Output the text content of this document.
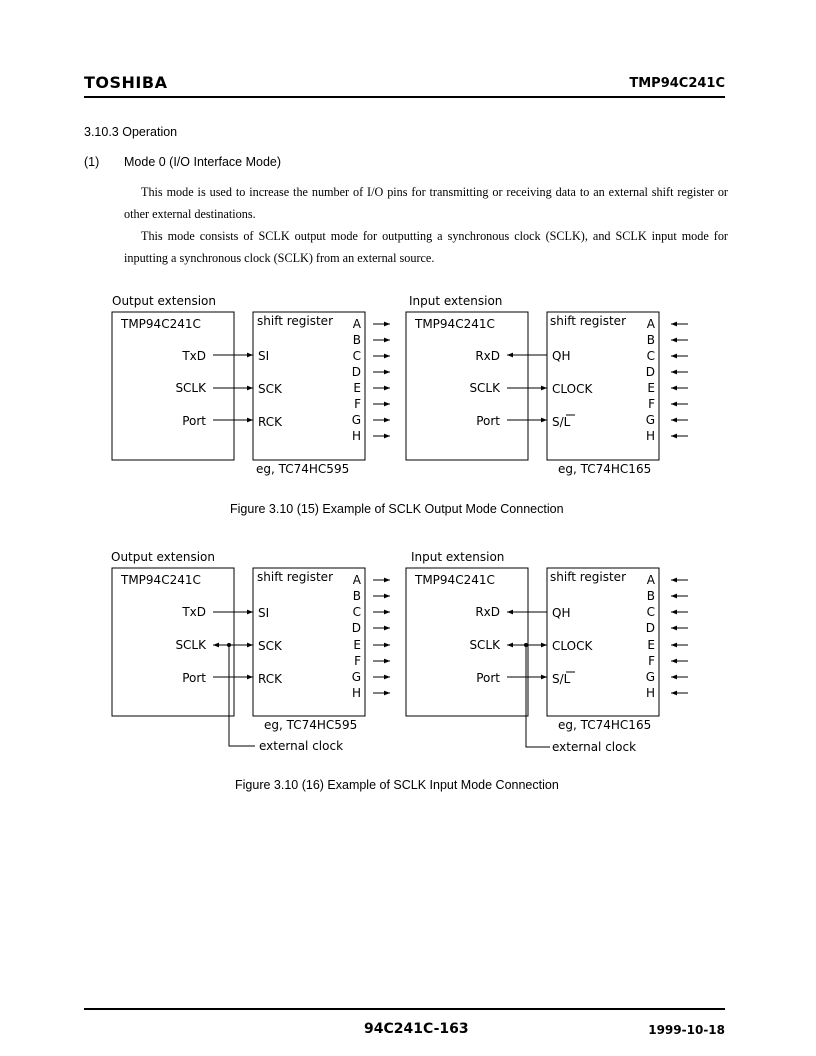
TOSHIBA	TMP94C241C
3.10.3 Operation
(1) Mode 0 (I/O Interface Mode)
This mode is used to increase the number of I/O pins for transmitting or receiving data to an external shift register or other external destinations.
This mode consists of SCLK output mode for outputting a synchronous clock (SCLK), and SCLK input mode for inputting a synchronous clock (SCLK) from an external source.
Output extension
TMP94C241C
TxD
SCLK
Port
shift register
SI
SCK
RCK
A
B
C
D
E
F
G
H
eg, TC74HC595
Input extension
TMP94C241C
RxD
SCLK
Port
shift register
QH
CLOCK
S/L
A
B
C
D
E
F
G
H
eg, TC74HC165
Figure 3.10 (15) Example of SCLK Output Mode Connection
Output extension
TMP94C241C
TxD
SCLK
Port
shift register
SI
SCK
RCK
A
B
C
D
E
F
G
H
eg, TC74HC595
external clock
Input extension
TMP94C241C
RxD
SCLK
Port
shift register
QH
CLOCK
S/L
A
B
C
D
E
F
G
H
eg, TC74HC165
external clock
Figure 3.10 (16) Example of SCLK Input Mode Connection
94C241C-163	1999-10-18
